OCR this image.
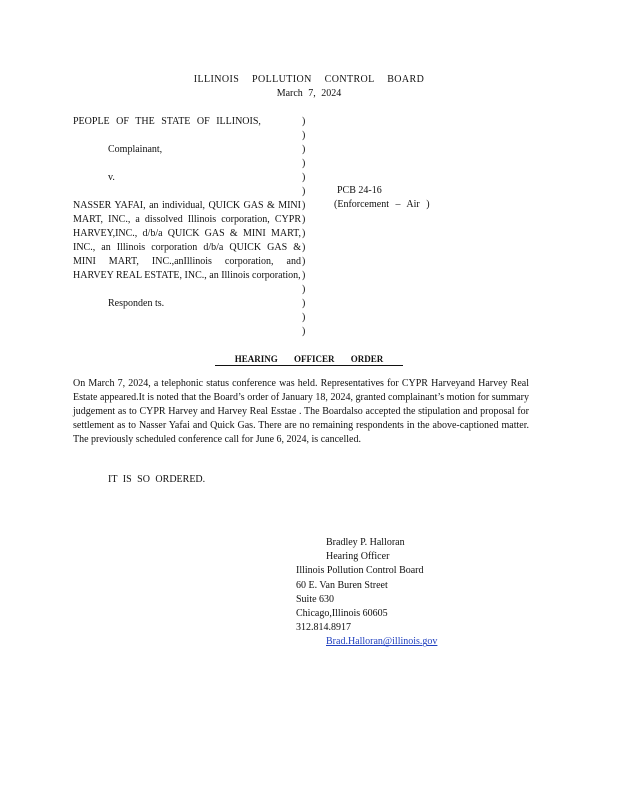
ILLINOIS POLLUTION CONTROL BOARD
March 7, 2024

PEOPLE OF THE STATE OF ILLINOIS,

Complainant,

v.

NASSER YAFAI, an individual, QUICK GAS & MINI MART, INC., a dissolved Illinois corporation, CYPR HARVEY,INC., d/b/a QUICK GAS & MINI MART, INC., an Illinois corporation d/b/a QUICK GAS & MINI MART, INC.,anIllinois corporation, and HARVEY REAL ESTATE, INC., an Illinois corporation,

Responden ts.

)
)
)
)
)
)
)
)
)
)
)
)
)
)
)
)
PCB 24-16
(Enforcement – Air )
HEARING OFFICER ORDER
On March 7, 2024, a telephonic status conference was held. Representatives for CYPR Harveyand Harvey Real Estate appeared.It is noted that the Board’s order of January 18, 2024, granted complainant’s motion for summary judgement as to CYPR Harvey and Harvey Real Esstae . The Boardalso accepted the stipulation and proposal for settlement as to Nasser Yafai and Quick Gas. There are no remaining respondents in the above-captioned matter. The previously scheduled conference call for June 6, 2024, is cancelled.
IT IS SO ORDERED.
Bradley P. Halloran
Hearing Officer
Illinois Pollution Control Board
60 E. Van Buren Street
Suite 630
Chicago,Illinois 60605
312.814.8917
Brad.Halloran@illinois.gov
